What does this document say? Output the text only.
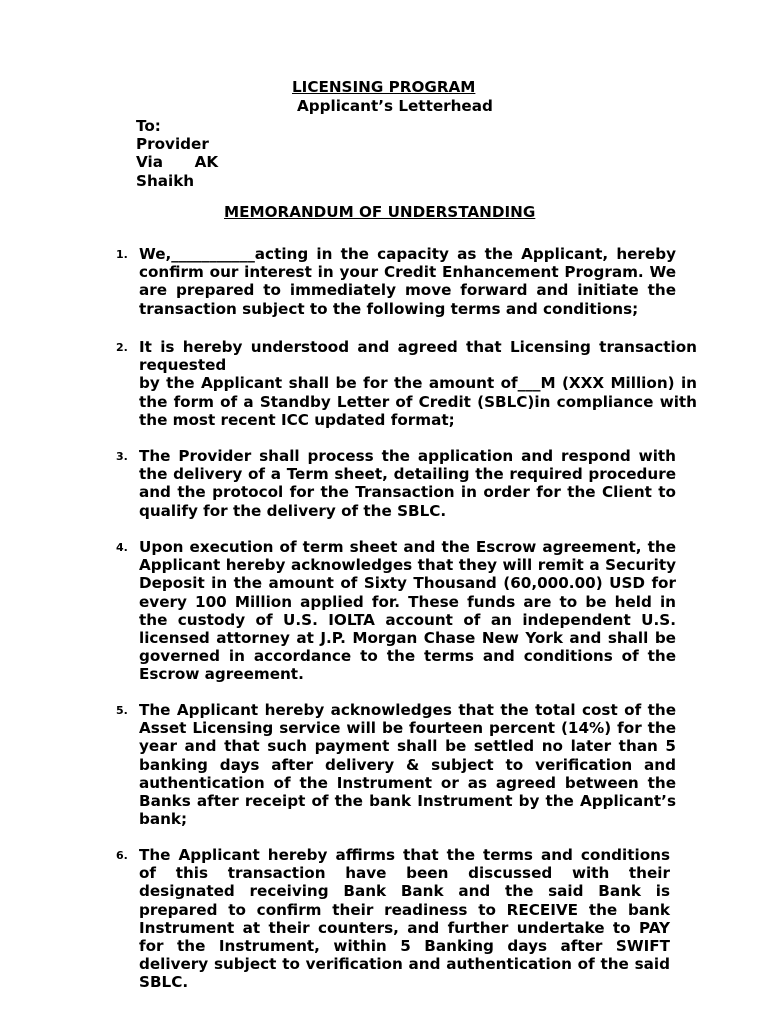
LICENSING PROGRAM
Applicant’s Letterhead
To:
Provider
Via      AK
Shaikh
MEMORANDUM OF UNDERSTANDING
1. We,___________acting in the capacity as the Applicant, hereby confirm our interest in your Credit Enhancement Program. We are prepared to immediately move forward and initiate the transaction subject to the following terms and conditions;
2. It is hereby understood and agreed that Licensing transaction requested
by the Applicant shall be for the amount of___M (XXX Million) in the form of a Standby Letter of Credit (SBLC)in compliance with the most recent ICC updated format;
3. The Provider shall process the application and respond with the delivery of a Term sheet, detailing the required procedure and the protocol for the Transaction in order for the Client to qualify for the delivery of the SBLC.
4. Upon execution of term sheet and the Escrow agreement, the Applicant hereby acknowledges that they will remit a Security Deposit in the amount of Sixty Thousand (60,000.00) USD for every 100 Million applied for. These funds are to be held in the custody of U.S. IOLTA account of an independent U.S. licensed attorney at J.P. Morgan Chase New York and shall be governed in accordance to the terms and conditions of the Escrow agreement.
5. The Applicant hereby acknowledges that the total cost of the Asset Licensing service will be fourteen percent (14%) for the year and that such payment shall be settled no later than 5 banking days after delivery & subject to verification and authentication of the Instrument or as agreed between the Banks after receipt of the bank Instrument by the Applicant’s bank;
6. The Applicant hereby affirms that the terms and conditions of this transaction have been discussed with their designated receiving Bank Bank and the said Bank is prepared to confirm their readiness to RECEIVE the bank Instrument at their counters, and further undertake to PAY for the Instrument, within 5 Banking days after SWIFT delivery subject to verification and authentication of the said SBLC.
